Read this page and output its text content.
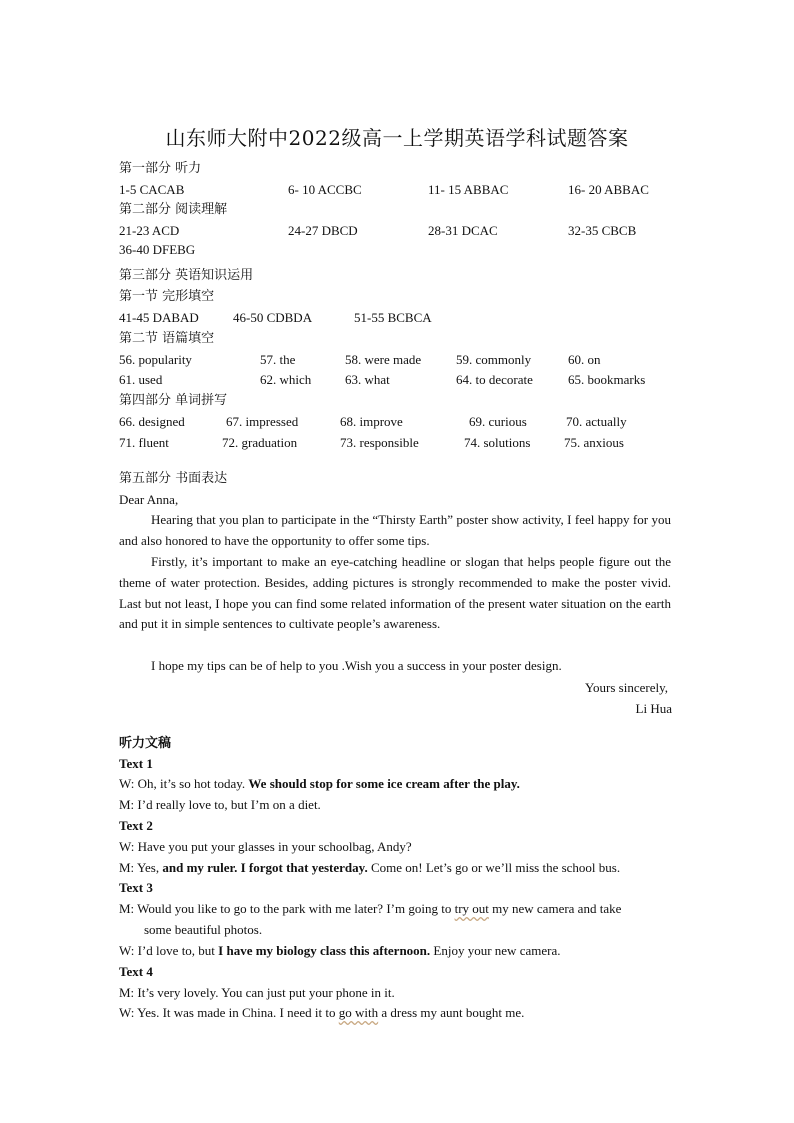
山东师大附中2022级高一上学期英语学科试题答案
第一部分 听力
1-5 CACAB	6- 10 ACCBC	11- 15 ABBAC	16- 20 ABBAC
第二部分 阅读理解
21-23 ACD	24-27 DBCD	28-31 DCAC	32-35 CBCB
36-40 DFEBG
第三部分 英语知识运用
第一节 完形填空
41-45 DABAD	46-50 CDBDA	51-55 BCBCA
第二节 语篇填空
56. popularity	57. the	58. were made	59. commonly	60. on
61. used	62. which	63. what	64. to decorate	65. bookmarks
第四部分 单词拼写
66. designed	67. impressed	68. improve	69. curious	70. actually
71. fluent	72. graduation	73. responsible	74. solutions	75. anxious
第五部分 书面表达
Dear Anna,
Hearing that you plan to participate in the “Thirsty Earth” poster show activity, I feel happy for you and also honored to have the opportunity to offer some tips.
Firstly, it’s important to make an eye-catching headline or slogan that helps people figure out the theme of water protection. Besides, adding pictures is strongly recommended to make the poster vivid. Last but not least, I hope you can find some related information of the present water situation on the earth and put it in simple sentences to cultivate people’s awareness.
I hope my tips can be of help to you .Wish you a success in your poster design.
Yours sincerely,
Li Hua
听力文稿
Text 1
W: Oh, it’s so hot today. We should stop for some ice cream after the play.
M: I’d really love to, but I’m on a diet.
Text 2
W: Have you put your glasses in your schoolbag, Andy?
M: Yes, and my ruler. I forgot that yesterday. Come on! Let’s go or we’ll miss the school bus.
Text 3
M: Would you like to go to the park with me later? I’m going to try out my new camera and take
some beautiful photos.
W: I’d love to, but I have my biology class this afternoon. Enjoy your new camera.
Text 4
M: It’s very lovely. You can just put your phone in it.
W: Yes. It was made in China. I need it to go with a dress my aunt bought me.
